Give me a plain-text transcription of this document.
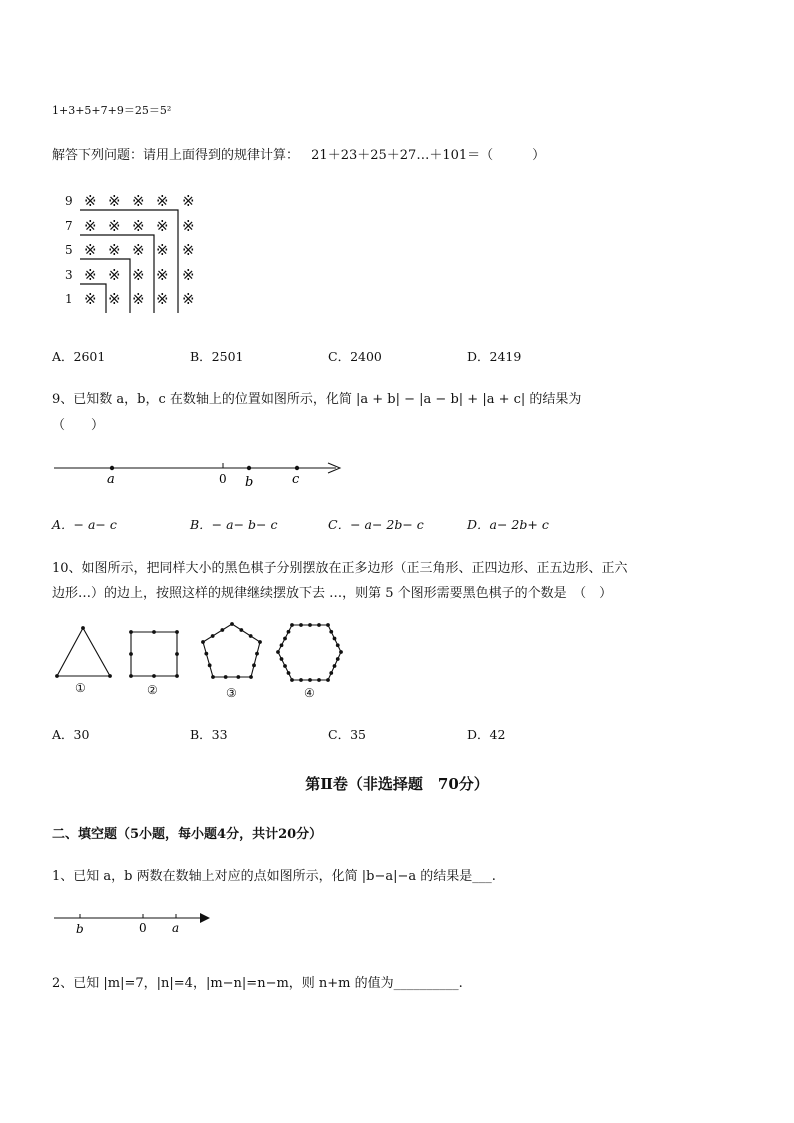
1+3+5+7+9＝25＝5²
解答下列问题：请用上面得到的规律计算： 21＋23＋25＋27…＋101＝（　　　）
9
7
5
3
1
※ ※ ※ ※ ※
※ ※ ※ ※ ※
※ ※ ※ ※ ※
※ ※ ※ ※ ※
※ ※ ※ ※ ※
A．2601	B．2501	C．2400	D．2419
9、已知数 a，b，c 在数轴上的位置如图所示，化简 |a + b| − |a − b| + |a + c| 的结果为
（　　）
a	0 b	c
A．− a− c	B．− a− b− c	C．− a− 2b− c	D．a− 2b+ c
10、如图所示，把同样大小的黑色棋子分别摆放在正多边形（正三角形、正四边形、正五边形、正六
边形…）的边上，按照这样的规律继续摆放下去 …，则第 5 个图形需要黑色棋子的个数是　（　）
①	②	③	④
A．30	B．33	C．35	D．42
第Ⅱ卷（非选择题　70分）
二、填空题（5小题，每小题4分，共计20分）
1、已知 a，b 两数在数轴上对应的点如图所示，化简 |b−a|−a 的结果是___.
b	0 a
2、已知 |m|=7，|n|=4，|m−n|=n−m，则 n+m 的值为__________.
